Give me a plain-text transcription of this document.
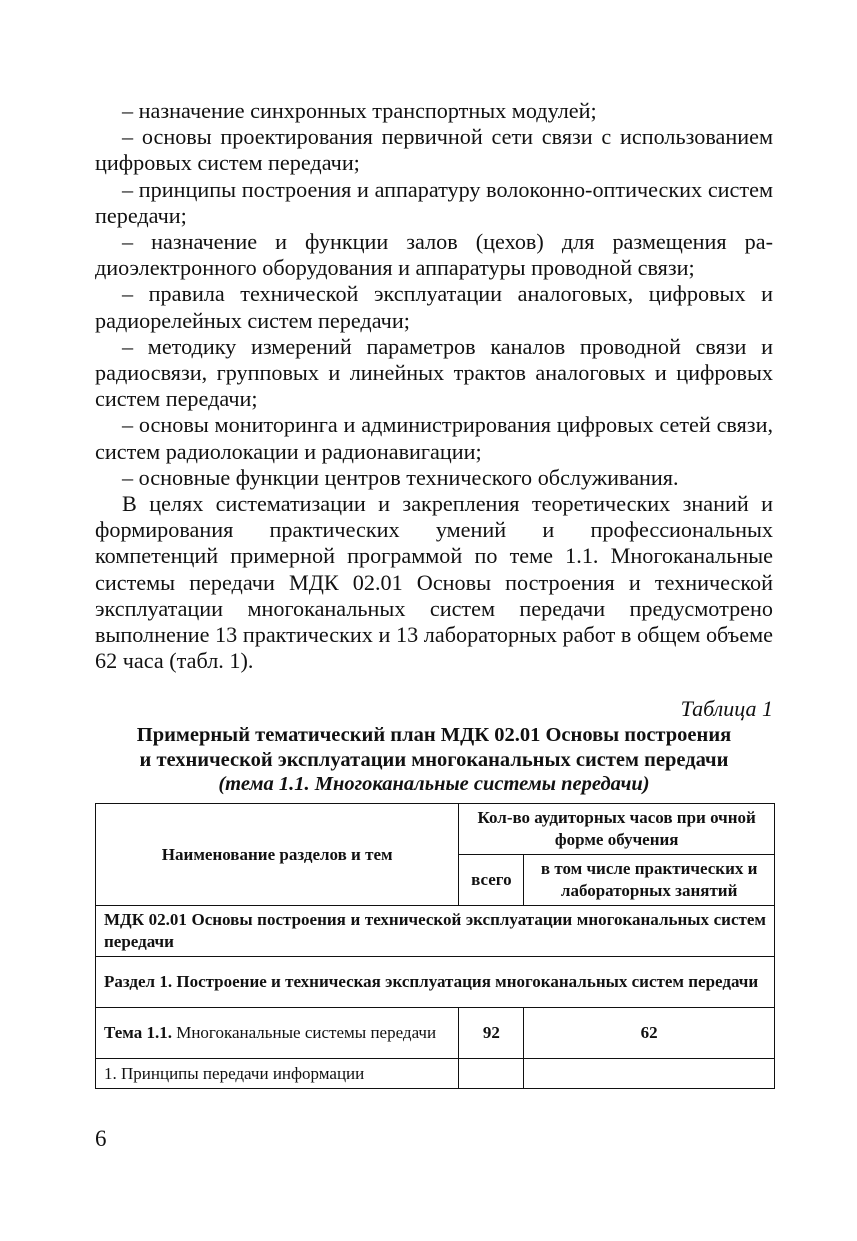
– назначение синхронных транспортных модулей;

– основы проектирования первичной сети связи с использованием цифровых систем передачи;

– принципы построения и аппаратуру волоконно-оптических систем передачи;

– назначение и функции залов (цехов) для размещения радиоэлектронного оборудования и аппаратуры проводной связи;

– правила технической эксплуатации аналоговых, цифровых и радиорелейных систем передачи;

– методику измерений параметров каналов проводной связи и радиосвязи, групповых и линейных трактов аналоговых и цифровых систем передачи;

– основы мониторинга и администрирования цифровых сетей связи, систем радиолокации и радионавигации;

– основные функции центров технического обслуживания.

В целях систематизации и закрепления теоретических знаний и формирования практических умений и профессиональных компетенций примерной программой по теме 1.1. Многоканальные системы передачи МДК 02.01 Основы построения и технической эксплуатации многоканальных систем передачи предусмотрено выполнение 13 практических и 13 лабораторных работ в общем объеме 62 часа (табл. 1).

Таблица 1
Примерный тематический план МДК 02.01 Основы построения
и технической эксплуатации многоканальных систем передачи
(тема 1.1. Многоканальные системы передачи)
Наименование разделов и тем	Кол-во аудиторных часов при очной форме обучения	
	всего	в том числе практических и лабораторных занятий
МДК 02.01 Основы построения и технической эксплуатации многоканальных систем передачи		
Раздел 1. Построение и техническая эксплуатация многоканальных систем передачи		
Тема 1.1. Многоканальные системы передачи	92	62
1. Принципы передачи информации		
6
